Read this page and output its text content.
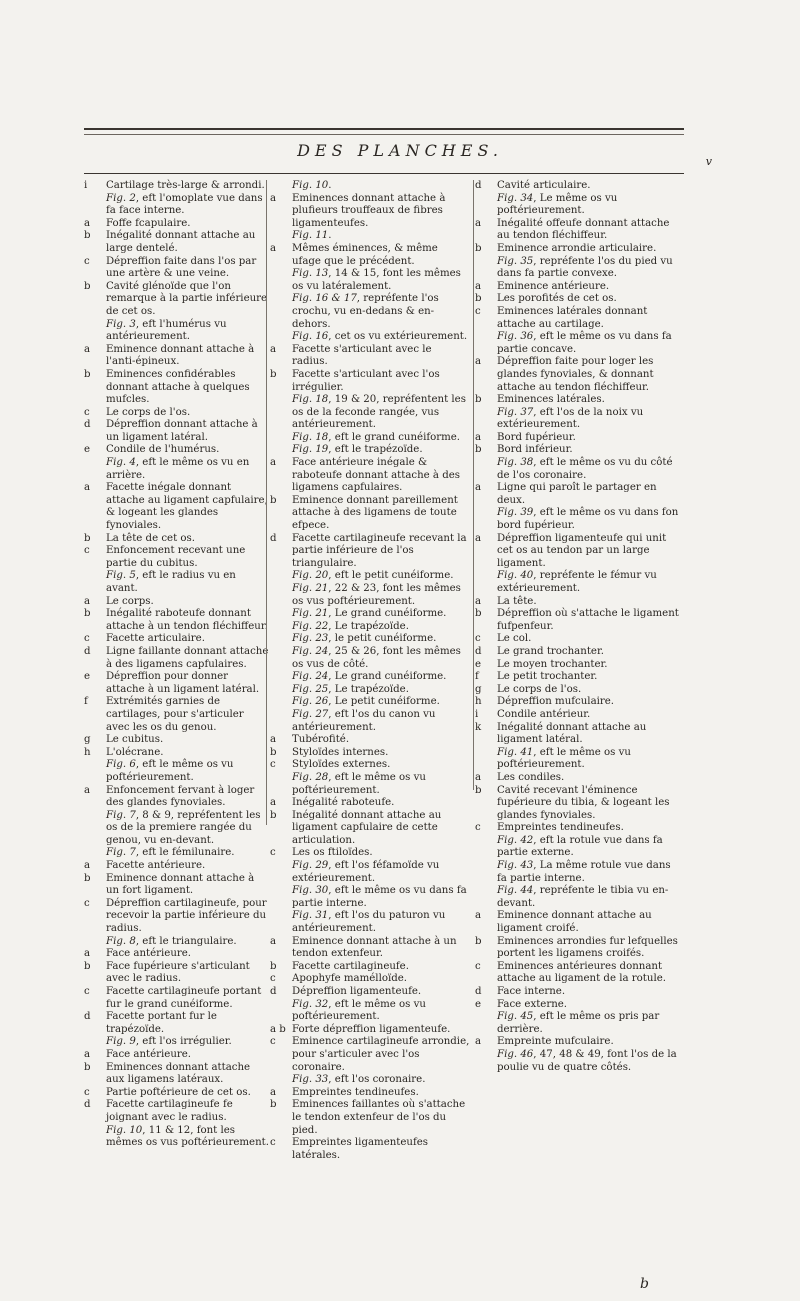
DES PLANCHES.
v

i	Cartilage très-large & arrondi.

Fig. 2, eft l'omoplate vue dans fa face interne.

a	Foffe fcapulaire.

b	Inégalité donnant attache au large dentelé.

c	Dépreffion faite dans l'os par une artère & une veine.

b	Cavité glénoïde que l'on remarque à la partie inférieure de cet os.

Fig. 3, eft l'humérus vu antérieurement.

a	Eminence donnant attache à l'anti-épineux.

b	Eminences confidérables donnant attache à quelques mufcles.

c	Le corps de l'os.

d	Dépreffion donnant attache à un ligament latéral.

e	Condile de l'humérus.

Fig. 4, eft le même os vu en arrière.

a	Facette inégale donnant attache au ligament capfulaire, & logeant les glandes fynoviales.

b	La tête de cet os.

c	Enfoncement recevant une partie du cubitus.

Fig. 5, eft le radius vu en avant.

a	Le corps.

b	Inégalité raboteufe donnant attache à un tendon fléchiffeur.

c	Facette articulaire.

d	Ligne faillante donnant attache à des ligamens capfulaires.

e	Dépreffion pour donner attache à un ligament latéral.

f	Extrémités garnies de cartilages, pour s'articuler avec les os du genou.

g	Le cubitus.

h	L'olécrane.

Fig. 6, eft le même os vu poftérieurement.

a	Enfoncement fervant à loger des glandes fynoviales.

Fig. 7, 8 & 9, repréfentent les os de la premiere rangée du genou, vu en-devant.

Fig. 7, eft le fémilunaire.

a	Facette antérieure.

b	Eminence donnant attache à un fort ligament.

c	Dépreffion cartilagineufe, pour recevoir la partie inférieure du radius.

Fig. 8, eft le triangulaire.

a	Face antérieure.

b	Face fupérieure s'articulant avec le radius.

c	Facette cartilagineufe portant fur le grand cunéiforme.

d	Facette portant fur le trapézoïde.

Fig. 9, eft l'os irrégulier.

a	Face antérieure.

b	Eminences donnant attache aux ligamens latéraux.

c	Partie poftérieure de cet os.

d	Facette cartilagineufe fe joignant avec le radius.

Fig. 10, 11 & 12, font les mêmes os vus poftérieurement.

Fig. 10.

a	Eminences donnant attache à plufieurs trouffeaux de fibres ligamenteufes.

Fig. 11.

a	Mêmes éminences, & même ufage que le précédent.

Fig. 13, 14 & 15, font les mêmes os vu latéralement.

Fig. 16 & 17, repréfente l'os crochu, vu en-dedans & en-dehors.

Fig. 16, cet os vu extérieurement.

a	Facette s'articulant avec le radius.

b	Facette s'articulant avec l'os irrégulier.

Fig. 18, 19 & 20, repréfentent les os de la feconde rangée, vus antérieurement.

Fig. 18, eft le grand cunéiforme.

Fig. 19, eft le trapézoïde.

a	Face antérieure inégale & raboteufe donnant attache à des ligamens capfulaires.

b	Eminence donnant pareillement attache à des ligamens de toute efpece.

d	Facette cartilagineufe recevant la partie inférieure de l'os triangulaire.

Fig. 20, eft le petit cunéiforme.

Fig. 21, 22 & 23, font les mêmes os vus poftérieurement.

Fig. 21, Le grand cunéiforme.

Fig. 22, Le trapézoïde.

Fig. 23, le petit cunéiforme.

Fig. 24, 25 & 26, font les mêmes os vus de côté.

Fig. 24, Le grand cunéiforme.

Fig. 25, Le trapézoïde.

Fig. 26, Le petit cunéiforme.

Fig. 27, eft l'os du canon vu antérieurement.

a	Tubérofité.

b	Styloïdes internes.

c	Styloïdes externes.

Fig. 28, eft le même os vu poftérieurement.

a	Inégalité raboteufe.

b	Inégalité donnant attache au ligament capfulaire de cette articulation.

c	Les os ftiloïdes.

Fig. 29, eft l'os féfamoïde vu extérieurement.

Fig. 30, eft le même os vu dans fa partie interne.

Fig. 31, eft l'os du paturon vu antérieurement.

a	Eminence donnant attache à un tendon extenfeur.

b	Facette cartilagineufe.

c	Apophyfe mamélloïde.

d	Dépreffion ligamenteufe.

Fig. 32, eft le même os vu poftérieurement.

a b Forte dépreffion ligamenteufe.

c	Eminence cartilagineufe arrondie, pour s'articuler avec l'os coronaire.

Fig. 33, eft l'os coronaire.

a	Empreintes tendineufes.

b	Eminences faillantes où s'attache le tendon extenfeur de l'os du pied.

c	Empreintes ligamenteufes latérales.

d	Cavité articulaire.

Fig. 34, Le même os vu poftérieurement.

a	Inégalité offeufe donnant attache au tendon fléchiffeur.

b	Eminence arrondie articulaire.

Fig. 35, repréfente l'os du pied vu dans fa partie convexe.

a	Eminence antérieure.

b	Les porofités de cet os.

c	Eminences latérales donnant attache au cartilage.

Fig. 36, eft le même os vu dans fa partie concave.

a	Dépreffion faite pour loger les glandes fynoviales, & donnant attache au tendon fléchiffeur.

b	Eminences latérales.

Fig. 37, eft l'os de la noix vu extérieurement.

a	Bord fupérieur.

b	Bord inférieur.

Fig. 38, eft le même os vu du côté de l'os coronaire.

a	Ligne qui paroît le partager en deux.

Fig. 39, eft le même os vu dans fon bord fupérieur.

a	Dépreffion ligamenteufe qui unit cet os au tendon par un large ligament.

Fig. 40, repréfente le fémur vu extérieurement.

a	La tête.

b	Dépreffion où s'attache le ligament fufpenfeur.

c	Le col.

d	Le grand trochanter.

e	Le moyen trochanter.

f	Le petit trochanter.

g	Le corps de l'os.

h	Dépreffion mufculaire.

i	Condile antérieur.

k	Inégalité donnant attache au ligament latéral.

Fig. 41, eft le même os vu poftérieurement.

a	Les condiles.

b	Cavité recevant l'éminence fupérieure du tibia, & logeant les glandes fynoviales.

c	Empreintes tendineufes.

Fig. 42, eft la rotule vue dans fa partie externe.

Fig. 43, La même rotule vue dans fa partie interne.

Fig. 44, repréfente le tibia vu en-devant.

a	Eminence donnant attache au ligament croifé.

b	Eminences arrondies fur lefquelles portent les ligamens croifés.

c	Eminences antérieures donnant attache au ligament de la rotule.

d	Face interne.

e	Face externe.

Fig. 45, eft le même os pris par derrière.

a	Empreinte mufculaire.

Fig. 46, 47, 48 & 49, font l'os de la poulie vu de quatre côtés.

b
